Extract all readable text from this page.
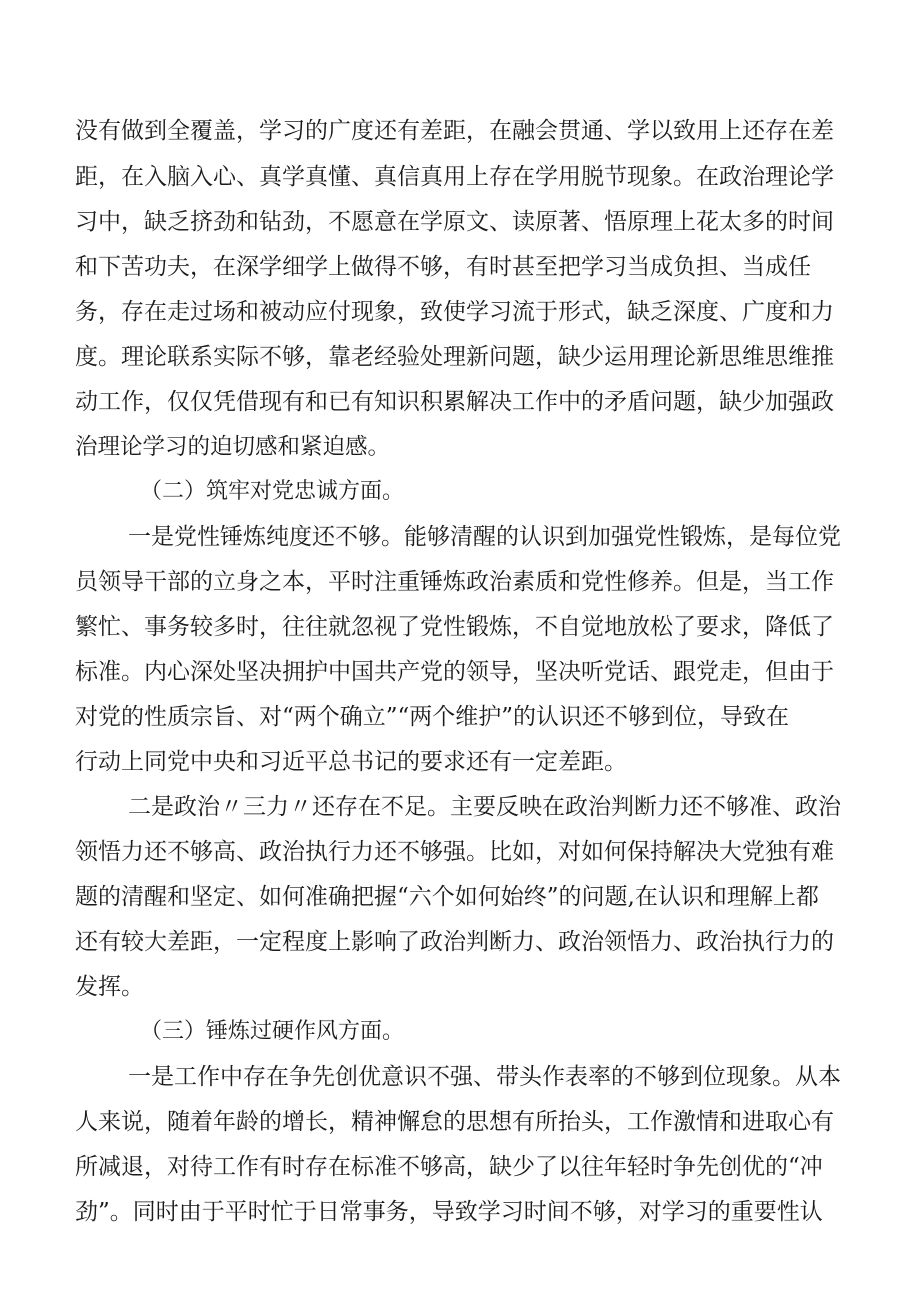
没有做到全覆盖，学习的广度还有差距，在融会贯通、学以致用上还存在差
距，在入脑入心、真学真懂、真信真用上存在学用脱节现象。在政治理论学
习中，缺乏挤劲和钻劲，不愿意在学原文、读原著、悟原理上花太多的时间
和下苦功夫，在深学细学上做得不够，有时甚至把学习当成负担、当成任
务，存在走过场和被动应付现象，致使学习流于形式，缺乏深度、广度和力
度。理论联系实际不够，靠老经验处理新问题，缺少运用理论新思维思维推
动工作，仅仅凭借现有和已有知识积累解决工作中的矛盾问题，缺少加强政
治理论学习的迫切感和紧迫感。
（二）筑牢对党忠诚方面。
一是党性锤炼纯度还不够。能够清醒的认识到加强党性锻炼，是每位党
员领导干部的立身之本，平时注重锤炼政治素质和党性修养。但是，当工作
繁忙、事务较多时，往往就忽视了党性锻炼，不自觉地放松了要求，降低了
标准。内心深处坚决拥护中国共产党的领导，坚决听党话、跟党走，但由于
对党的性质宗旨、对“两个确立”“两个维护”的认识还不够到位，导致在
行动上同党中央和习近平总书记的要求还有一定差距。
二是政治〃三力〃还存在不足。主要反映在政治判断力还不够准、政治
领悟力还不够高、政治执行力还不够强。比如，对如何保持解决大党独有难
题的清醒和坚定、如何准确把握“六个如何始终”的问题,在认识和理解上都
还有较大差距，一定程度上影响了政治判断力、政治领悟力、政治执行力的
发挥。
（三）锤炼过硬作风方面。
一是工作中存在争先创优意识不强、带头作表率的不够到位现象。从本
人来说，随着年龄的增长，精神懈怠的思想有所抬头，工作激情和进取心有
所减退，对待工作有时存在标准不够高，缺少了以往年轻时争先创优的“冲
劲”。同时由于平时忙于日常事务，导致学习时间不够，对学习的重要性认
